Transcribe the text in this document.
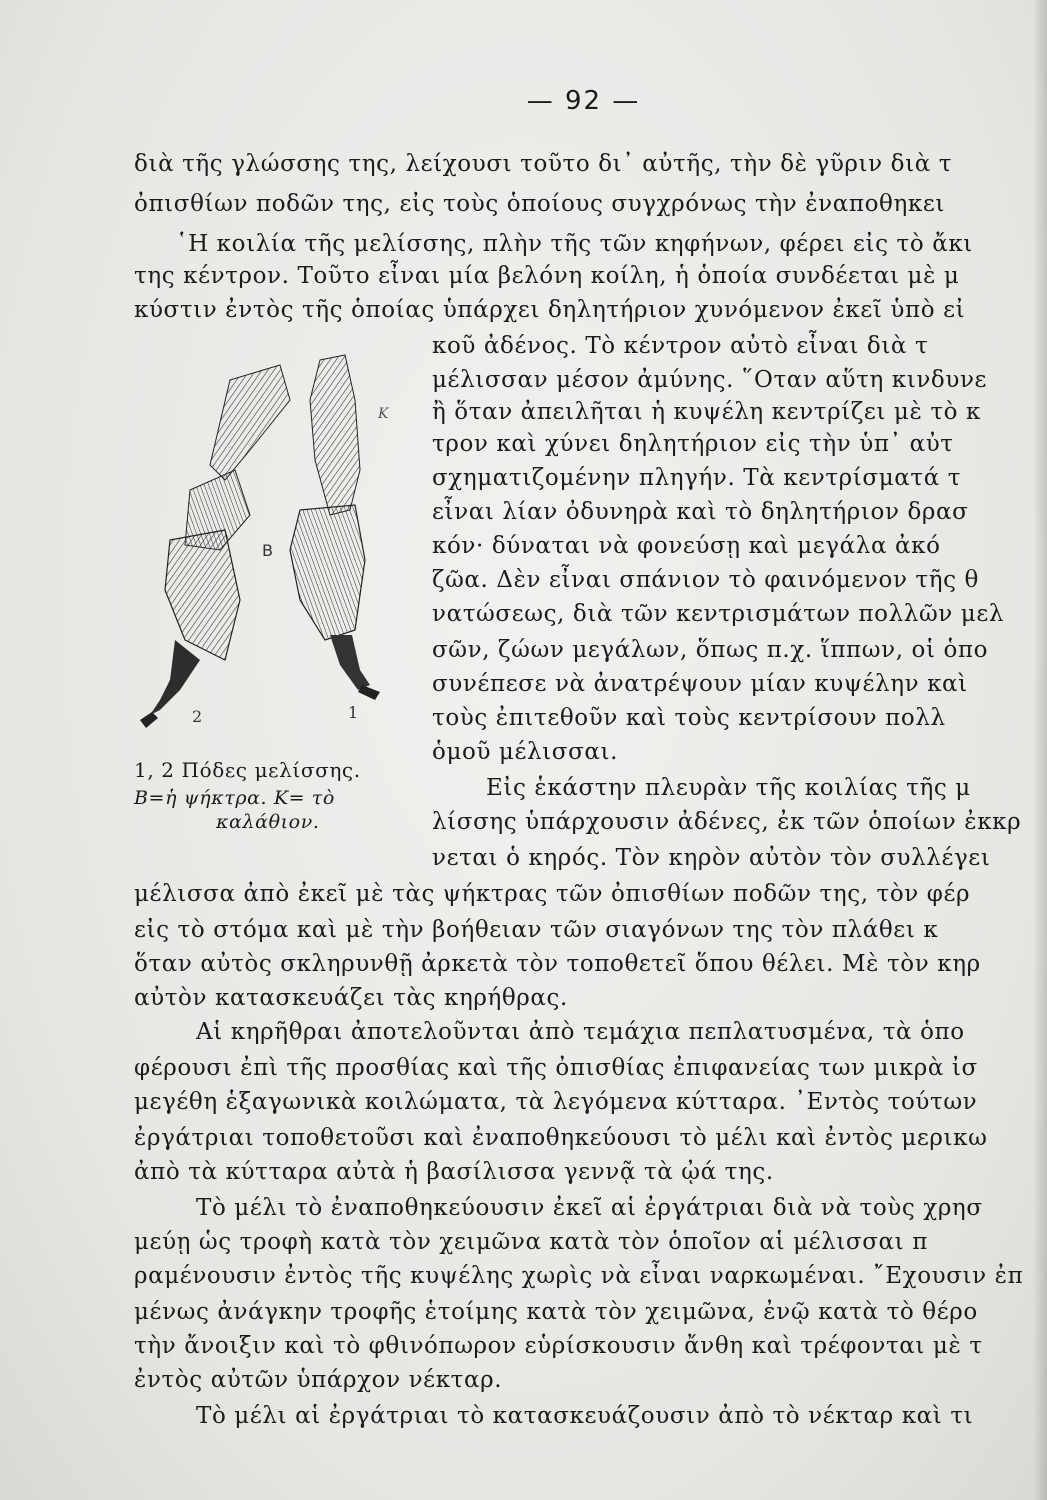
— 92 —
διὰ τῆς γλώσσης της, λείχουσι τοῦτο δι᾽ αὐτῆς, τὴν δὲ γῦριν διὰ τ
ὀπισθίων ποδῶν της, εἰς τοὺς ὁποίους συγχρόνως τὴν ἐναποθηκει
῾Η κοιλία τῆς μελίσσης, πλὴν τῆς τῶν κηφήνων, φέρει εἰς τὸ ἄκι
της κέντρον. Τοῦτο εἶναι μία βελόνη κοίλη, ἡ ὁποία συνδέεται μὲ μ
κύστιν ἐντὸς τῆς ὁποίας ὑπάρχει δηλητήριον χυνόμενον ἐκεῖ ὑπὸ εἰ
κοῦ ἀδένος. Τὸ κέντρον αὐτὸ εἶναι διὰ τ
μέλισσαν μέσον ἀμύνης. ῞Οταν αὕτη κινδυνε
ἢ ὅταν ἀπειλῆται ἡ κυψέλη κεντρίζει μὲ τὸ κ
τρον καὶ χύνει δηλητήριον εἰς τὴν ὑπ᾽ αὐτ
σχηματιζομένην πληγήν. Τὰ κεντρίσματά τ
εἶναι λίαν ὀδυνηρὰ καὶ τὸ δηλητήριον δρασ
κόν· δύναται νὰ φονεύσῃ καὶ μεγάλα ἀκό
ζῶα. Δὲν εἶναι σπάνιον τὸ φαινόμενον τῆς θ
νατώσεως, διὰ τῶν κεντρισμάτων πολλῶν μελ
σῶν, ζώων μεγάλων, ὅπως π.χ. ἵππων, οἱ ὁπο
συνέπεσε νὰ ἀνατρέψουν μίαν κυψέλην καὶ
τοὺς ἐπιτεθοῦν καὶ τοὺς κεντρίσουν πολλ
ὁμοῦ μέλισσαι.
Εἰς ἑκάστην πλευρὰν τῆς κοιλίας τῆς μ
λίσσης ὑπάρχουσιν ἀδένες, ἐκ τῶν ὁποίων ἐκκρ
νεται ὁ κηρός. Τὸν κηρὸν αὐτὸν τὸν συλλέγει
B
K
1
2
1, 2 Πόδες μελίσσης.
B=ἡ ψήκτρα. K= τὸ
καλάθιον.
μέλισσα ἀπὸ ἐκεῖ μὲ τὰς ψήκτρας τῶν ὀπισθίων ποδῶν της, τὸν φέρ
εἰς τὸ στόμα καὶ μὲ τὴν βοήθειαν τῶν σιαγόνων της τὸν πλάθει κ
ὅταν αὐτὸς σκληρυνθῇ ἀρκετὰ τὸν τοποθετεῖ ὅπου θέλει. Μὲ τὸν κηρ
αὐτὸν κατασκευάζει τὰς κηρήθρας.
Αἱ κηρῆθραι ἀποτελοῦνται ἀπὸ τεμάχια πεπλατυσμένα, τὰ ὁπο
φέρουσι ἐπὶ τῆς προσθίας καὶ τῆς ὀπισθίας ἐπιφανείας των μικρὰ ἰσ
μεγέθη ἑξαγωνικὰ κοιλώματα, τὰ λεγόμενα κύτταρα. ᾿Εντὸς τούτων
ἐργάτριαι τοποθετοῦσι καὶ ἐναποθηκεύουσι τὸ μέλι καὶ ἐντὸς μερικω
ἀπὸ τὰ κύτταρα αὐτὰ ἡ βασίλισσα γεννᾷ τὰ ᾠά της.
Τὸ μέλι τὸ ἐναποθηκεύουσιν ἐκεῖ αἱ ἐργάτριαι διὰ νὰ τοὺς χρησ
μεύῃ ὡς τροφὴ κατὰ τὸν χειμῶνα κατὰ τὸν ὁποῖον αἱ μέλισσαι π
ραμένουσιν ἐντὸς τῆς κυψέλης χωρὶς νὰ εἶναι ναρκωμέναι. ῎Εχουσιν ἐπ
μένως ἀνάγκην τροφῆς ἑτοίμης κατὰ τὸν χειμῶνα, ἐνῷ κατὰ τὸ θέρο
τὴν ἄνοιξιν καὶ τὸ φθινόπωρον εὑρίσκουσιν ἄνθη καὶ τρέφονται μὲ τ
ἐντὸς αὐτῶν ὑπάρχον νέκταρ.
Τὸ μέλι αἱ ἐργάτριαι τὸ κατασκευάζουσιν ἀπὸ τὸ νέκταρ καὶ τι
